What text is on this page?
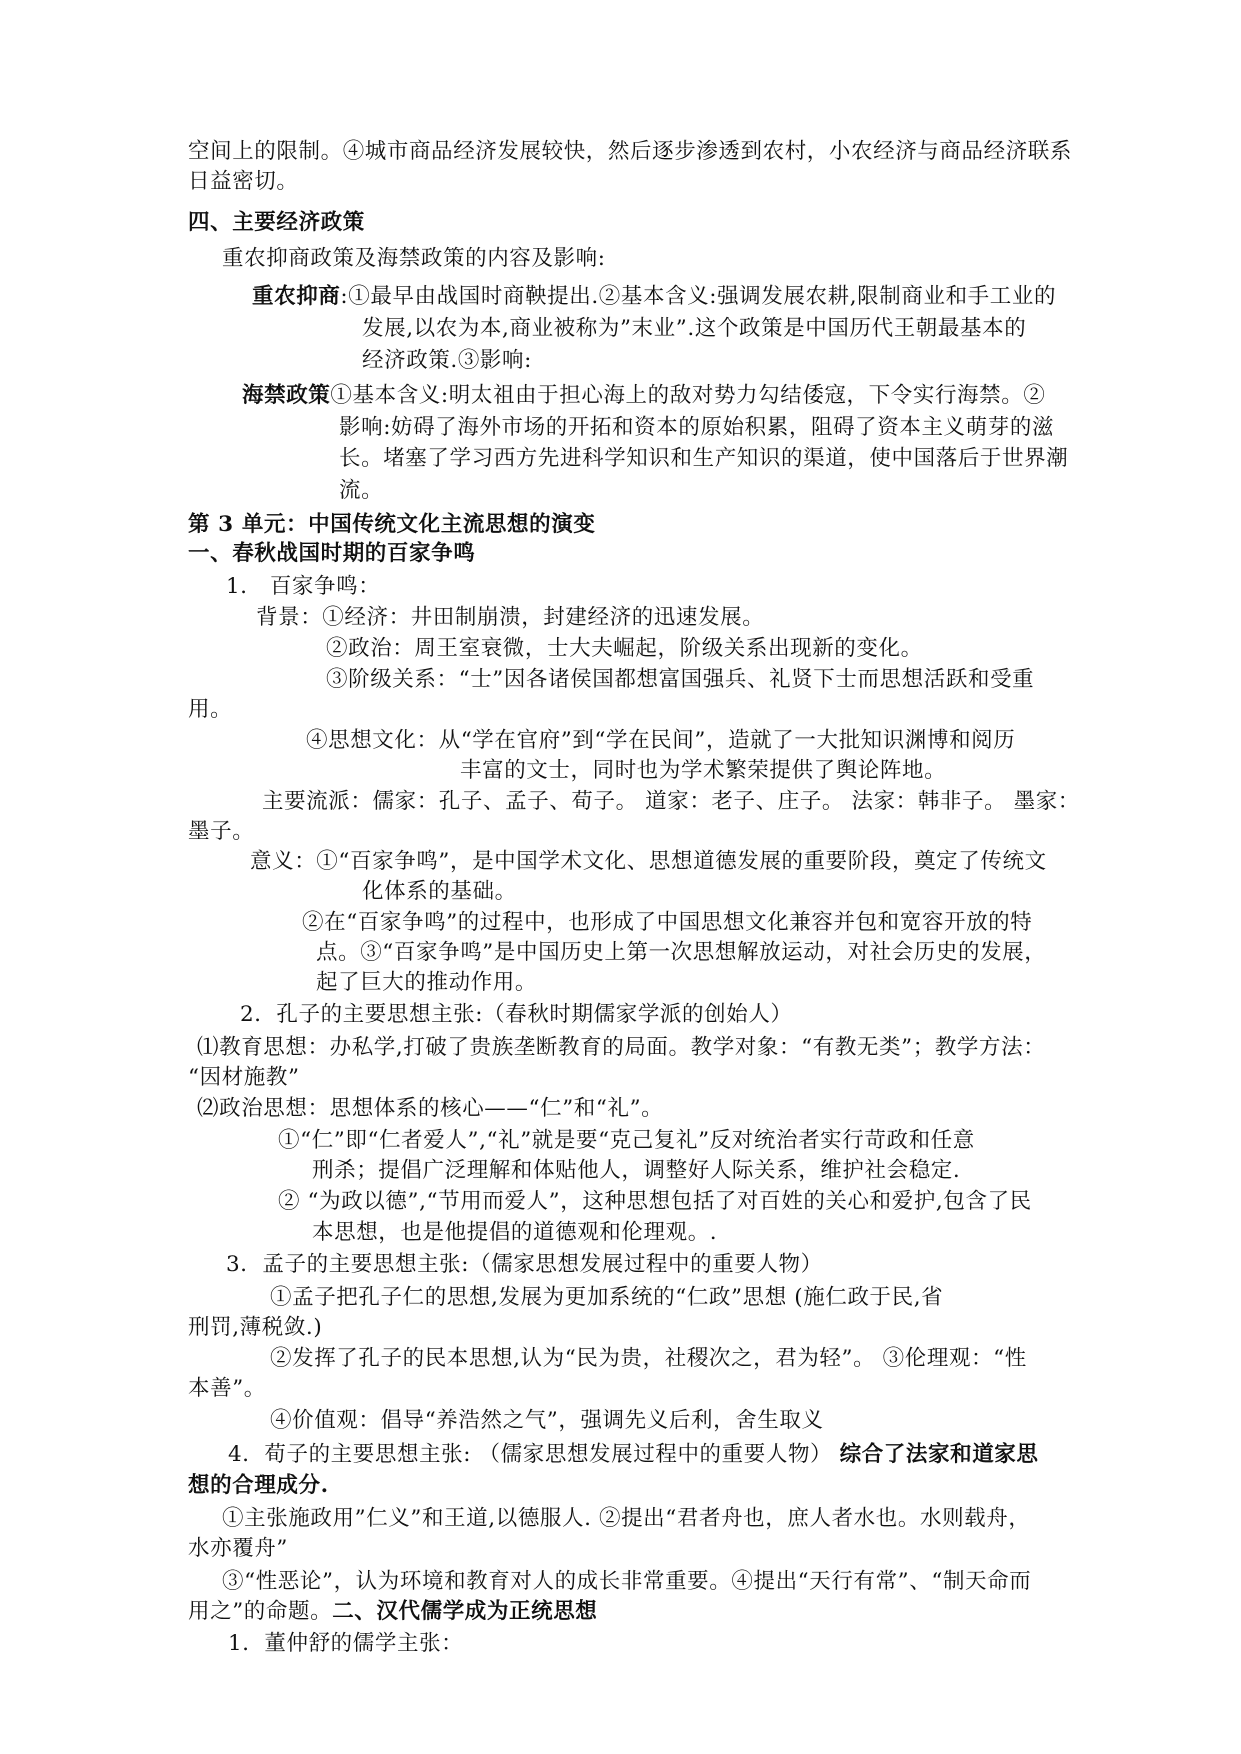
空间上的限制。④城市商品经济发展较快，然后逐步渗透到农村，小农经济与商品经济联系
日益密切。
四、主要经济政策
重农抑商政策及海禁政策的内容及影响:
重农抑商:①最早由战国时商鞅提出.②基本含义:强调发展农耕,限制商业和手工业的
发展,以农为本,商业被称为”末业”.这个政策是中国历代王朝最基本的
经济政策.③影响:
海禁政策①基本含义:明太祖由于担心海上的敌对势力勾结倭寇，下令实行海禁。②
影响:妨碍了海外市场的开拓和资本的原始积累，阻碍了资本主义萌芽的滋
长。堵塞了学习西方先进科学知识和生产知识的渠道，使中国落后于世界潮
流。
第 3 单元：中国传统文化主流思想的演变
一、春秋战国时期的百家争鸣
1． 百家争鸣：
背景：①经济：井田制崩溃，封建经济的迅速发展。
②政治：周王室衰微，士大夫崛起，阶级关系出现新的变化。
③阶级关系：“士”因各诸侯国都想富国强兵、礼贤下士而思想活跃和受重
用。
④思想文化：从“学在官府”到“学在民间”，造就了一大批知识渊博和阅历
丰富的文士，同时也为学术繁荣提供了舆论阵地。
主要流派：儒家：孔子、孟子、荀子。 道家：老子、庄子。 法家：韩非子。 墨家：
墨子。
意义：①“百家争鸣”，是中国学术文化、思想道德发展的重要阶段，奠定了传统文
化体系的基础。
②在“百家争鸣”的过程中，也形成了中国思想文化兼容并包和宽容开放的特
点。③“百家争鸣”是中国历史上第一次思想解放运动，对社会历史的发展，
起了巨大的推动作用。
2．孔子的主要思想主张:（春秋时期儒家学派的创始人）
⑴教育思想：办私学,打破了贵族垄断教育的局面。教学对象：“有教无类”；教学方法：
“因材施教”
⑵政治思想：思想体系的核心——“仁”和“礼”。
①“仁”即“仁者爱人”,“礼”就是要“克己复礼”反对统治者实行苛政和任意
刑杀；提倡广泛理解和体贴他人，调整好人际关系，维护社会稳定.
② “为政以德”,“节用而爱人”，这种思想包括了对百姓的关心和爱护,包含了民
本思想，也是他提倡的道德观和伦理观。.
3．孟子的主要思想主张:（儒家思想发展过程中的重要人物）
①孟子把孔子仁的思想,发展为更加系统的“仁政”思想 (施仁政于民,省
刑罚,薄税敛.)
②发挥了孔子的民本思想,认为“民为贵，社稷次之，君为轻”。 ③伦理观：“性
本善”。
④价值观：倡导“养浩然之气”，强调先义后利，舍生取义
4．荀子的主要思想主张: （儒家思想发展过程中的重要人物） 综合了法家和道家思
想的合理成分.
①主张施政用”仁义”和王道,以德服人. ②提出“君者舟也，庶人者水也。水则载舟，
水亦覆舟”
③“性恶论”，认为环境和教育对人的成长非常重要。④提出“天行有常”、“制天命而
用之”的命题。二、汉代儒学成为正统思想
1．董仲舒的儒学主张：
